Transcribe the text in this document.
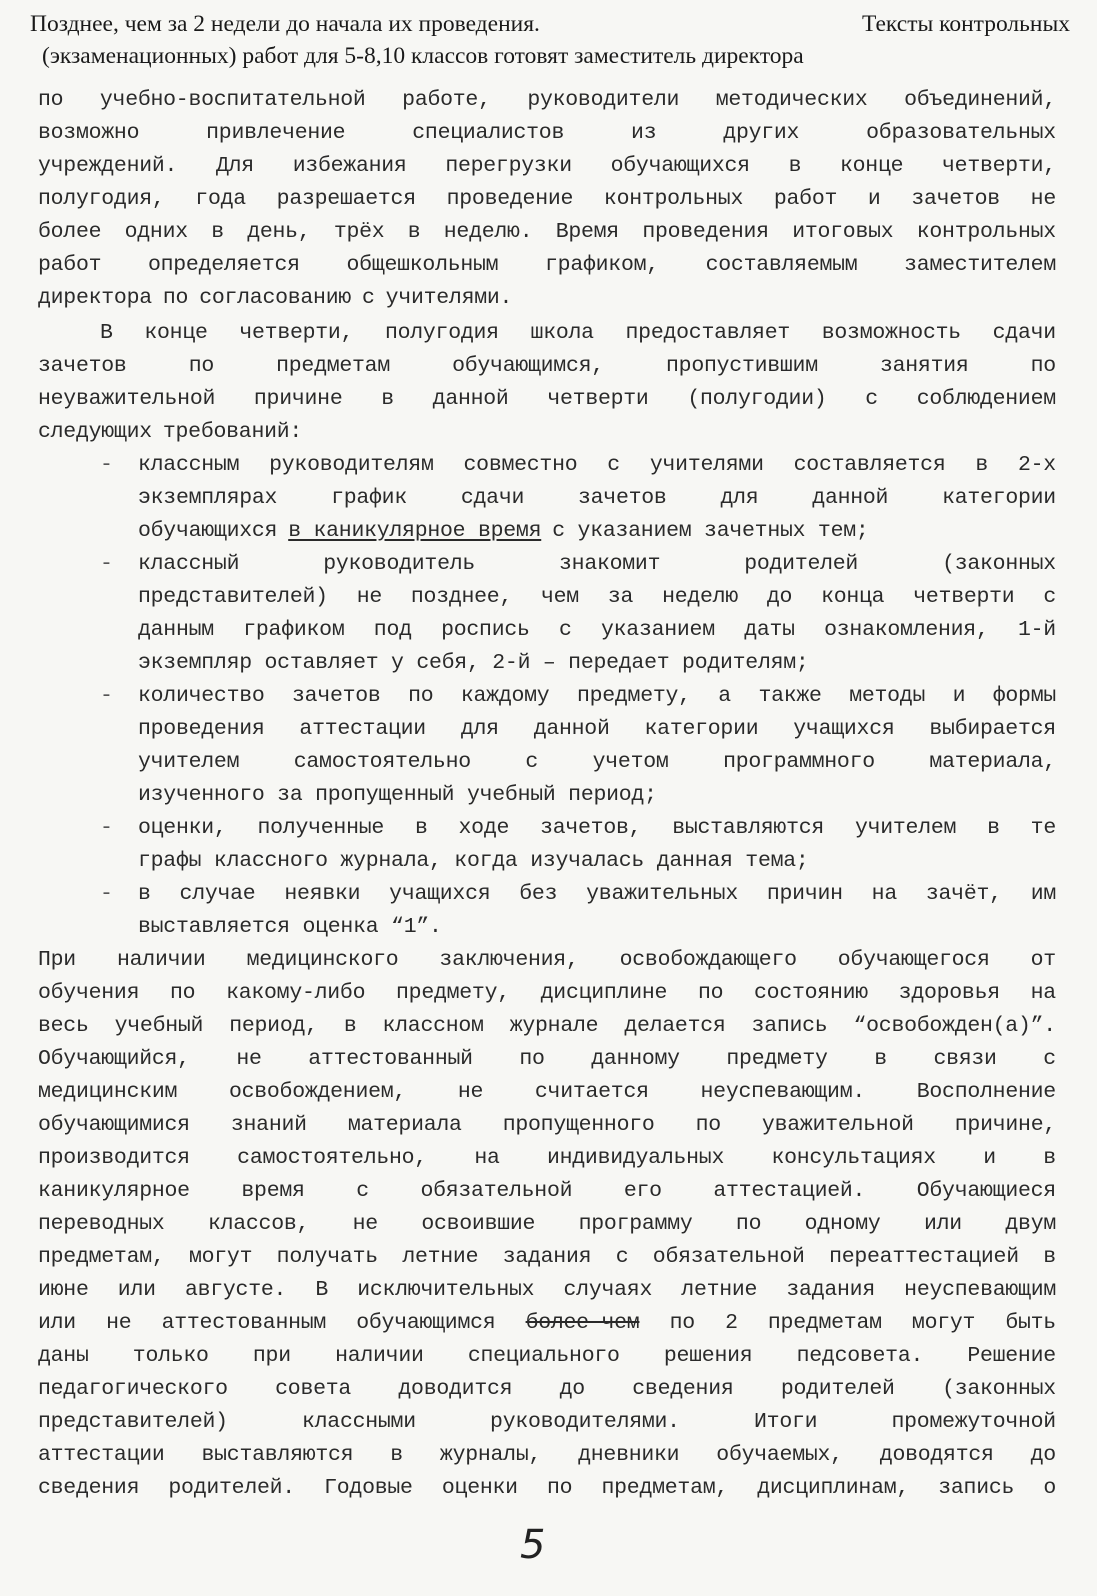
Позднее, чем за 2 недели до начала их проведения.	Тексты контрольных
(экзаменационных) работ для 5-8,10 классов готовят заместитель директора
по учебно-воспитательной работе, руководители методических объединений,
возможно	привлечение	специалистов	из	других	образовательных
учреждений. Для избежания перегрузки обучающихся в конце четверти,
полугодия, года разрешается проведение контрольных работ и зачетов не
более одних в день, трёх в неделю. Время проведения итоговых контрольных
работ определяется общешкольным графиком, составляемым заместителем
директора по согласованию с учителями.
В конце четверти, полугодия школа предоставляет возможность сдачи
зачетов	по	предметам	обучающимся,	пропустившим	занятия	по
неуважительной причине в данной четверти (полугодии) с соблюдением
следующих требований:
-	классным руководителям совместно с учителями составляется в 2-х
экземплярах	график	сдачи	зачетов	для	данной	категории
обучающихся в каникулярное время с указанием зачетных тем;
-	классный	руководитель	знакомит	родителей	(законных
представителей) не позднее, чем за неделю до конца четверти с
данным графиком под роспись с указанием даты ознакомления, 1-й
экземпляр оставляет у себя, 2-й – передает родителям;
-	количество зачетов по каждому предмету, а также методы и формы
проведения аттестации для данной категории учащихся выбирается
учителем	самостоятельно	с	учетом	программного	материала,
изученного за пропущенный учебный период;
-	оценки, полученные в ходе зачетов, выставляются учителем в те
графы классного журнала, когда изучалась данная тема;
-	в случае неявки учащихся без уважительных причин на зачёт, им
выставляется оценка “1”.
При наличии медицинского заключения, освобождающего обучающегося от
обучения по какому-либо предмету, дисциплине по состоянию здоровья на
весь учебный период, в классном журнале делается запись “освобожден(а)”.
Обучающийся, не аттестованный по данному предмету в связи с
медицинским освобождением, не считается неуспевающим. Восполнение
обучающимися знаний материала пропущенного по уважительной причине,
производится самостоятельно, на индивидуальных консультациях и в
каникулярное время с обязательной его аттестацией. Обучающиеся
переводных классов, не освоившие программу по одному или двум
предметам, могут получать летние задания с обязательной переаттестацией в
июне или августе. В исключительных случаях летние задания неуспевающим
или не аттестованным обучающимся более чем по 2 предметам могут быть
даны только при наличии специального решения педсовета. Решение
педагогического совета доводится до сведения родителей (законных
представителей)	классными	руководителями.	Итоги	промежуточной
аттестации выставляются в журналы, дневники обучаемых, доводятся до
сведения родителей. Годовые оценки по предметам, дисциплинам, запись о
5
